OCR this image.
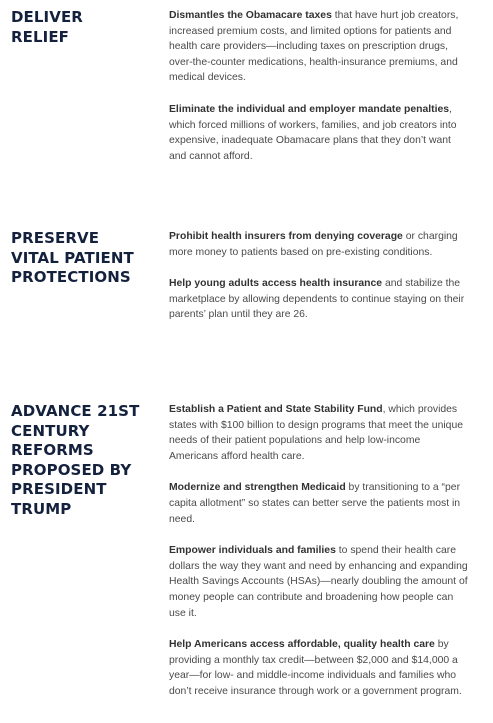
DELIVER
RELIEF

Dismantles the Obamacare taxes that have hurt job creators, increased premium costs, and limited options for patients and health care providers—including taxes on prescription drugs, over-the-counter medications, health-insurance premiums, and medical devices.

Eliminate the individual and employer mandate penalties, which forced millions of workers, families, and job creators into expensive, inadequate Obamacare plans that they don’t want and cannot afford.

PRESERVE
VITAL PATIENT
PROTECTIONS

Prohibit health insurers from denying coverage or charging more money to patients based on pre-existing conditions.

Help young adults access health insurance and stabilize the marketplace by allowing dependents to continue staying on their parents’ plan until they are 26.

ADVANCE 21ST
CENTURY
REFORMS
PROPOSED BY
PRESIDENT
TRUMP

Establish a Patient and State Stability Fund, which provides states with $100 billion to design programs that meet the unique needs of their patient populations and help low-income Americans afford health care.

Modernize and strengthen Medicaid by transitioning to a “per capita allotment” so states can better serve the patients most in need.

Empower individuals and families to spend their health care dollars the way they want and need by enhancing and expanding Health Savings Accounts (HSAs)—nearly doubling the amount of money people can contribute and broadening how people can use it.

Help Americans access affordable, quality health care by providing a monthly tax credit—between $2,000 and $14,000 a year—for low- and middle-income individuals and families who don’t receive insurance through work or a government program.
